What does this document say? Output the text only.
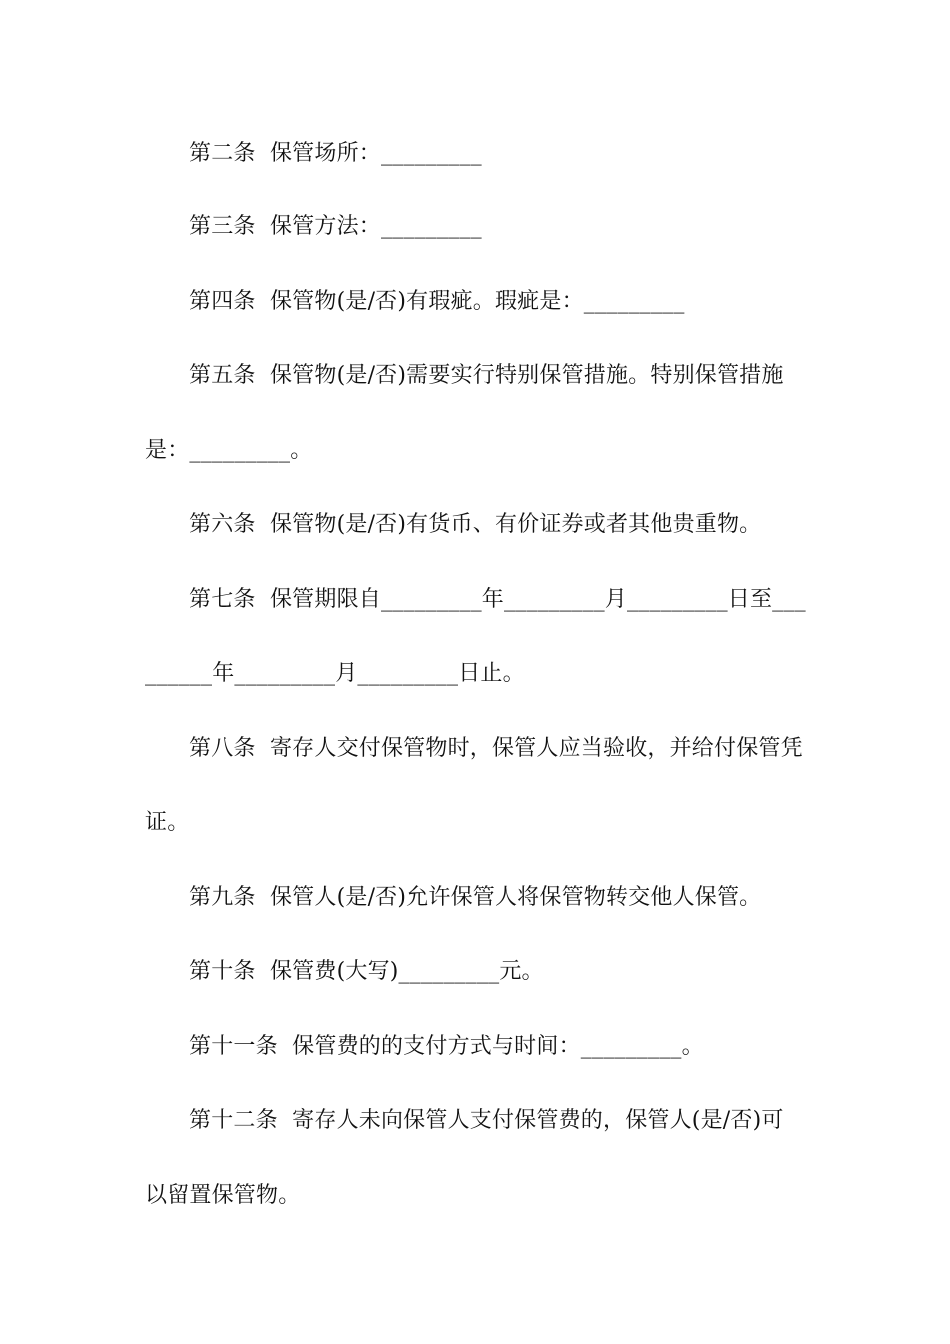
第二条  保管场所：_________
第三条  保管方法：_________
第四条  保管物(是/否)有瑕疵。瑕疵是：_________
第五条  保管物(是/否)需要实行特别保管措施。特别保管措施
是：_________。
第六条  保管物(是/否)有货币、有价证券或者其他贵重物。
第七条  保管期限自_________年_________月_________日至___
______年_________月_________日止。
第八条  寄存人交付保管物时，保管人应当验收，并给付保管凭
证。
第九条  保管人(是/否)允许保管人将保管物转交他人保管。
第十条  保管费(大写)_________元。
第十一条  保管费的的支付方式与时间：_________。
第十二条  寄存人未向保管人支付保管费的，保管人(是/否)可
以留置保管物。
